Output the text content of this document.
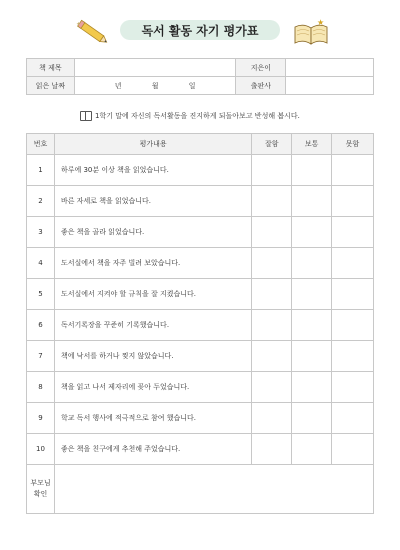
✦	독서 활동 자기 평가표
★
책 제목		지은이	
읽은 날짜	년 월 일	출판사	
1학기 말에 자신의 독서활동을 진지하게 되돌아보고 반성해 봅시다.
번호	평가내용	잘함	보통	못함
1	하루에 30분 이상 책을 읽었습니다.			
2	바른 자세로 책을 읽었습니다.			
3	좋은 책을 골라 읽었습니다.			
4	도서실에서 책을 자주 빌려 보았습니다.			
5	도서실에서 지켜야 할 규칙을 잘 지켰습니다.			
6	독서기록장을 꾸준히 기록했습니다.			
7	책에 낙서를 하거나 찢지 않았습니다.			
8	책을 읽고 나서 제자리에 꽂아 두었습니다.			
9	학교 독서 행사에 적극적으로 참여 했습니다.			
10	좋은 책을 친구에게 추천해 주었습니다.			

부모님
확인				
